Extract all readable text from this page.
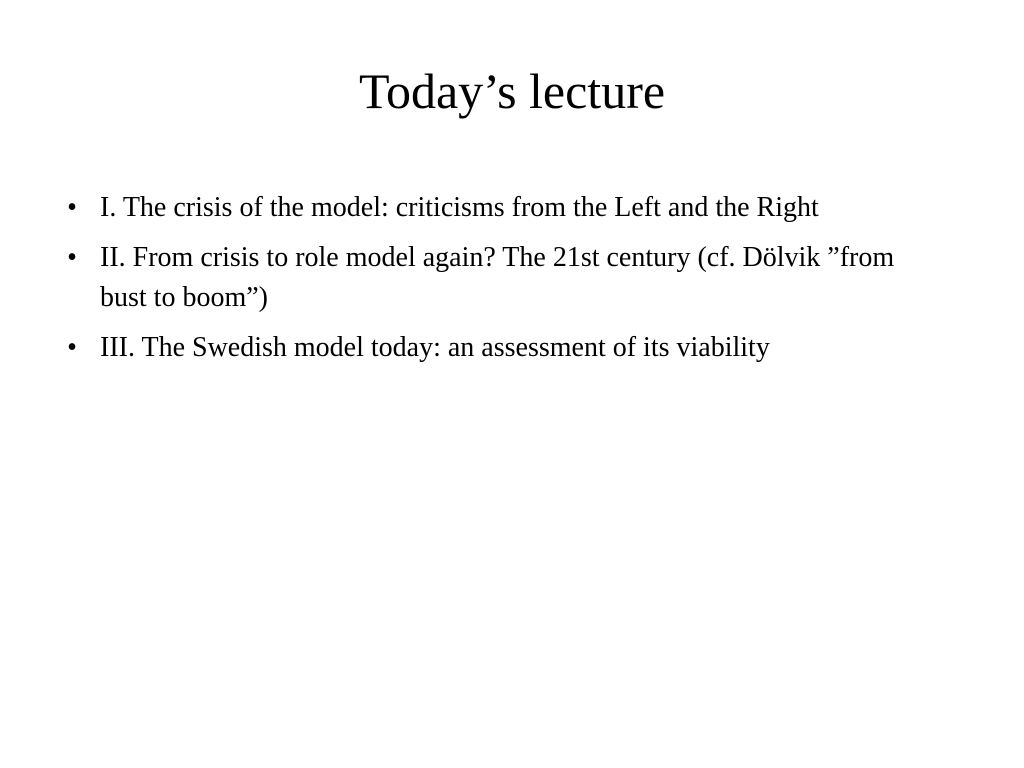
Today’s lecture
• I. The crisis of the model: criticisms from the Left and the Right
• II. From crisis to role model again? The 21st century (cf. Dölvik ”from bust to boom”)
• III. The Swedish model today: an assessment of its viability
